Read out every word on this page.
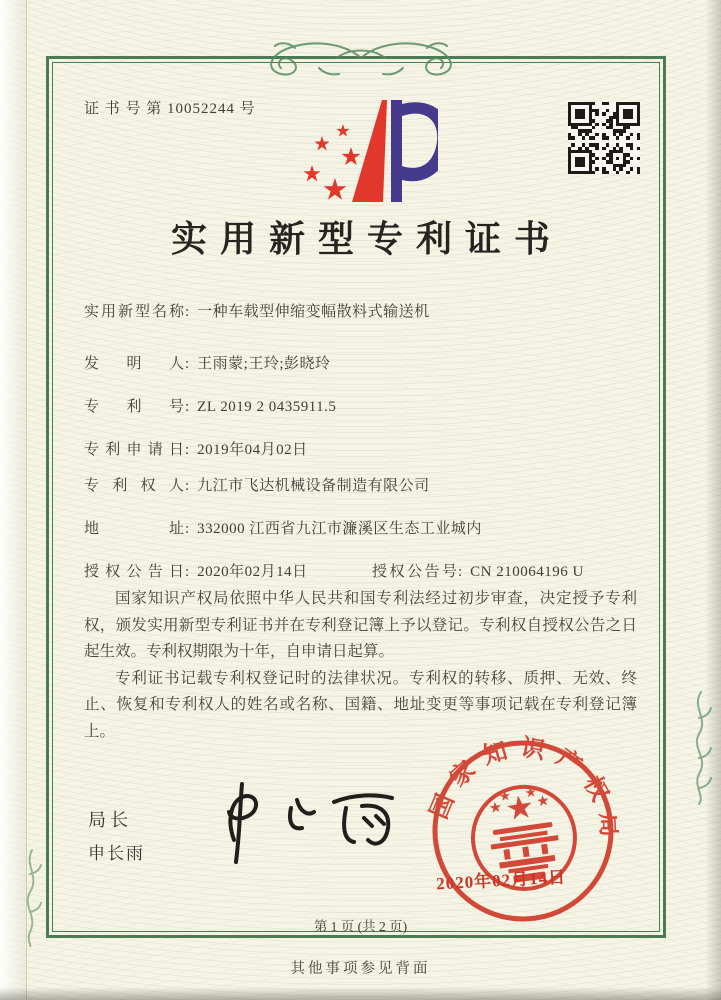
证 书 号 第 10052244 号
实用新型专利证书
实用新型名称: 一种车载型伸缩变幅散料式输送机
发明人: 王雨蒙;王玲;彭晓玲
专利号: ZL 2019 2 0435911.5
专利申请日: 2019年04月02日
专利权人: 九江市飞达机械设备制造有限公司
地址: 332000 江西省九江市濂溪区生态工业城内
授权公告日: 2020年02月14日	授权公告号: CN 210064196 U

国家知识产权局依照中华人民共和国专利法经过初步审查，决定授予专利权，颁发实用新型专利证书并在专利登记簿上予以登记。专利权自授权公告之日起生效。专利权期限为十年，自申请日起算。

专利证书记载专利权登记时的法律状况。专利权的转移、质押、无效、终止、恢复和专利权人的姓名或名称、国籍、地址变更等事项记载在专利登记簿上。

局长
申长雨
国家知识产权局
2020年02月14日
第 1 页 (共 2 页)
其他事项参见背面
